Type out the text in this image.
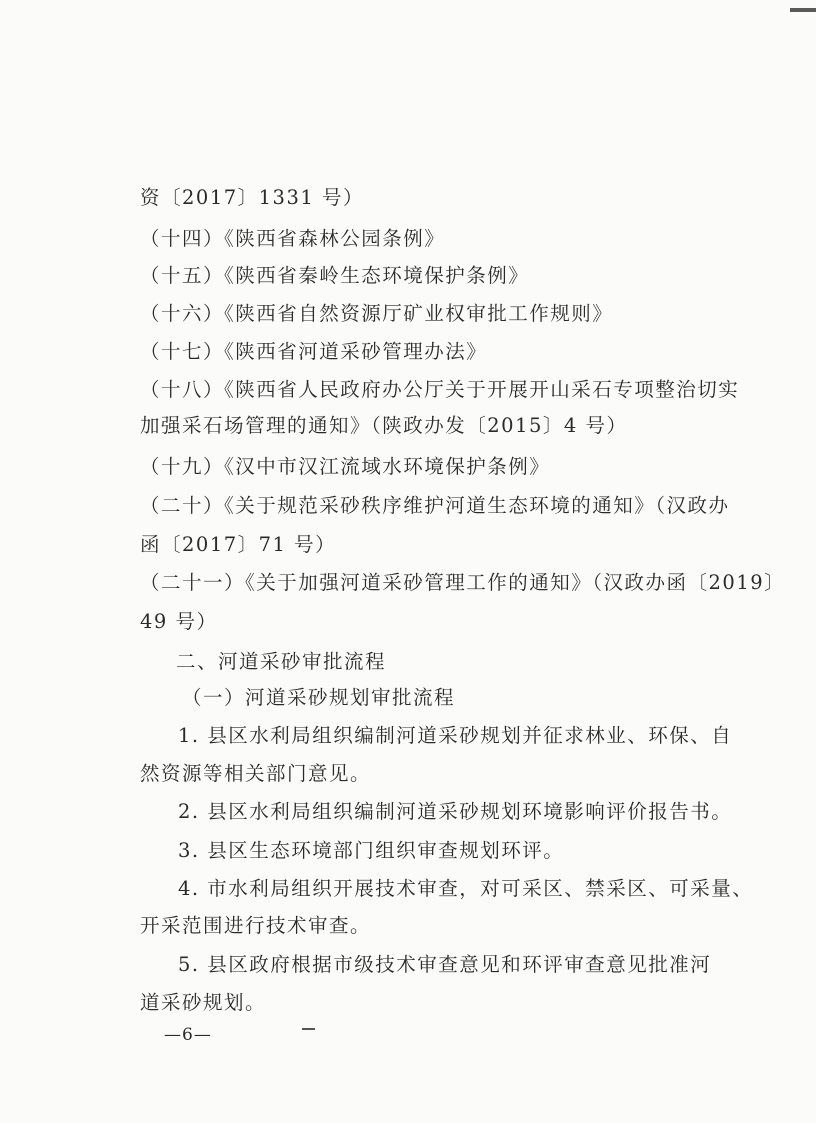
资〔2017〕1331 号）
（十四）《陕西省森林公园条例》
（十五）《陕西省秦岭生态环境保护条例》
（十六）《陕西省自然资源厅矿业权审批工作规则》
（十七）《陕西省河道采砂管理办法》
（十八）《陕西省人民政府办公厅关于开展开山采石专项整治切实
加强采石场管理的通知》（陕政办发〔2015〕4 号）
（十九）《汉中市汉江流域水环境保护条例》
（二十）《关于规范采砂秩序维护河道生态环境的通知》（汉政办
函〔2017〕71 号）
（二十一）《关于加强河道采砂管理工作的通知》（汉政办函〔2019〕
49 号）
二、河道采砂审批流程
（一）河道采砂规划审批流程
1. 县区水利局组织编制河道采砂规划并征求林业、环保、自
然资源等相关部门意见。
2. 县区水利局组织编制河道采砂规划环境影响评价报告书。
3. 县区生态环境部门组织审查规划环评。
4. 市水利局组织开展技术审查，对可采区、禁采区、可采量、
开采范围进行技术审查。
5. 县区政府根据市级技术审查意见和环评审查意见批准河
道采砂规划。
—6—
